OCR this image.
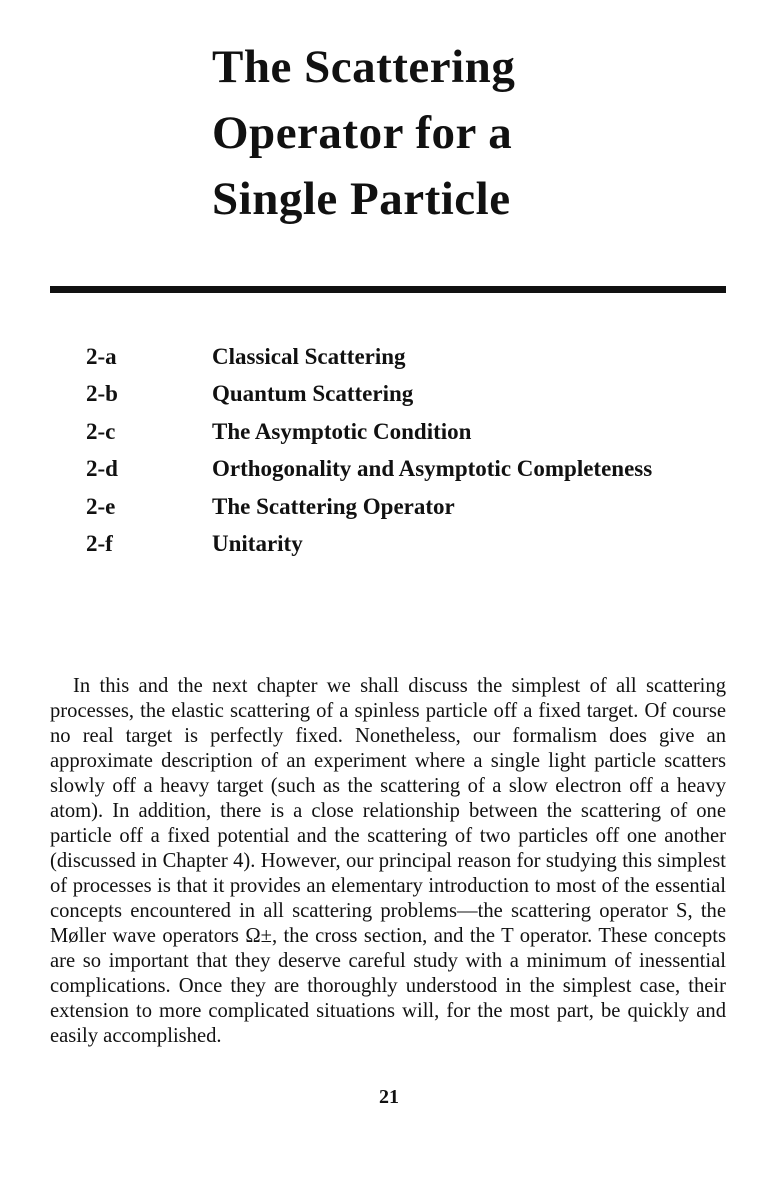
The Scattering
Operator for a
Single Particle
2-a	Classical Scattering
2-b	Quantum Scattering
2-c	The Asymptotic Condition
2-d	Orthogonality and Asymptotic Completeness
2-e	The Scattering Operator
2-f	Unitarity

In this and the next chapter we shall discuss the simplest of all scattering processes, the elastic scattering of a spinless particle off a fixed target. Of course no real target is perfectly fixed. Nonetheless, our formalism does give an approximate description of an experiment where a single light particle scatters slowly off a heavy target (such as the scattering of a slow electron off a heavy atom). In addition, there is a close relationship between the scattering of one particle off a fixed potential and the scattering of two particles off one another (discussed in Chapter 4). However, our principal reason for studying this simplest of processes is that it provides an elementary introduction to most of the essential concepts encountered in all scattering problems—the scattering operator S, the Møller wave operators Ω±, the cross section, and the T operator. These concepts are so important that they deserve careful study with a minimum of inessential complications. Once they are thoroughly understood in the simplest case, their extension to more complicated situations will, for the most part, be quickly and easily accomplished.

21
